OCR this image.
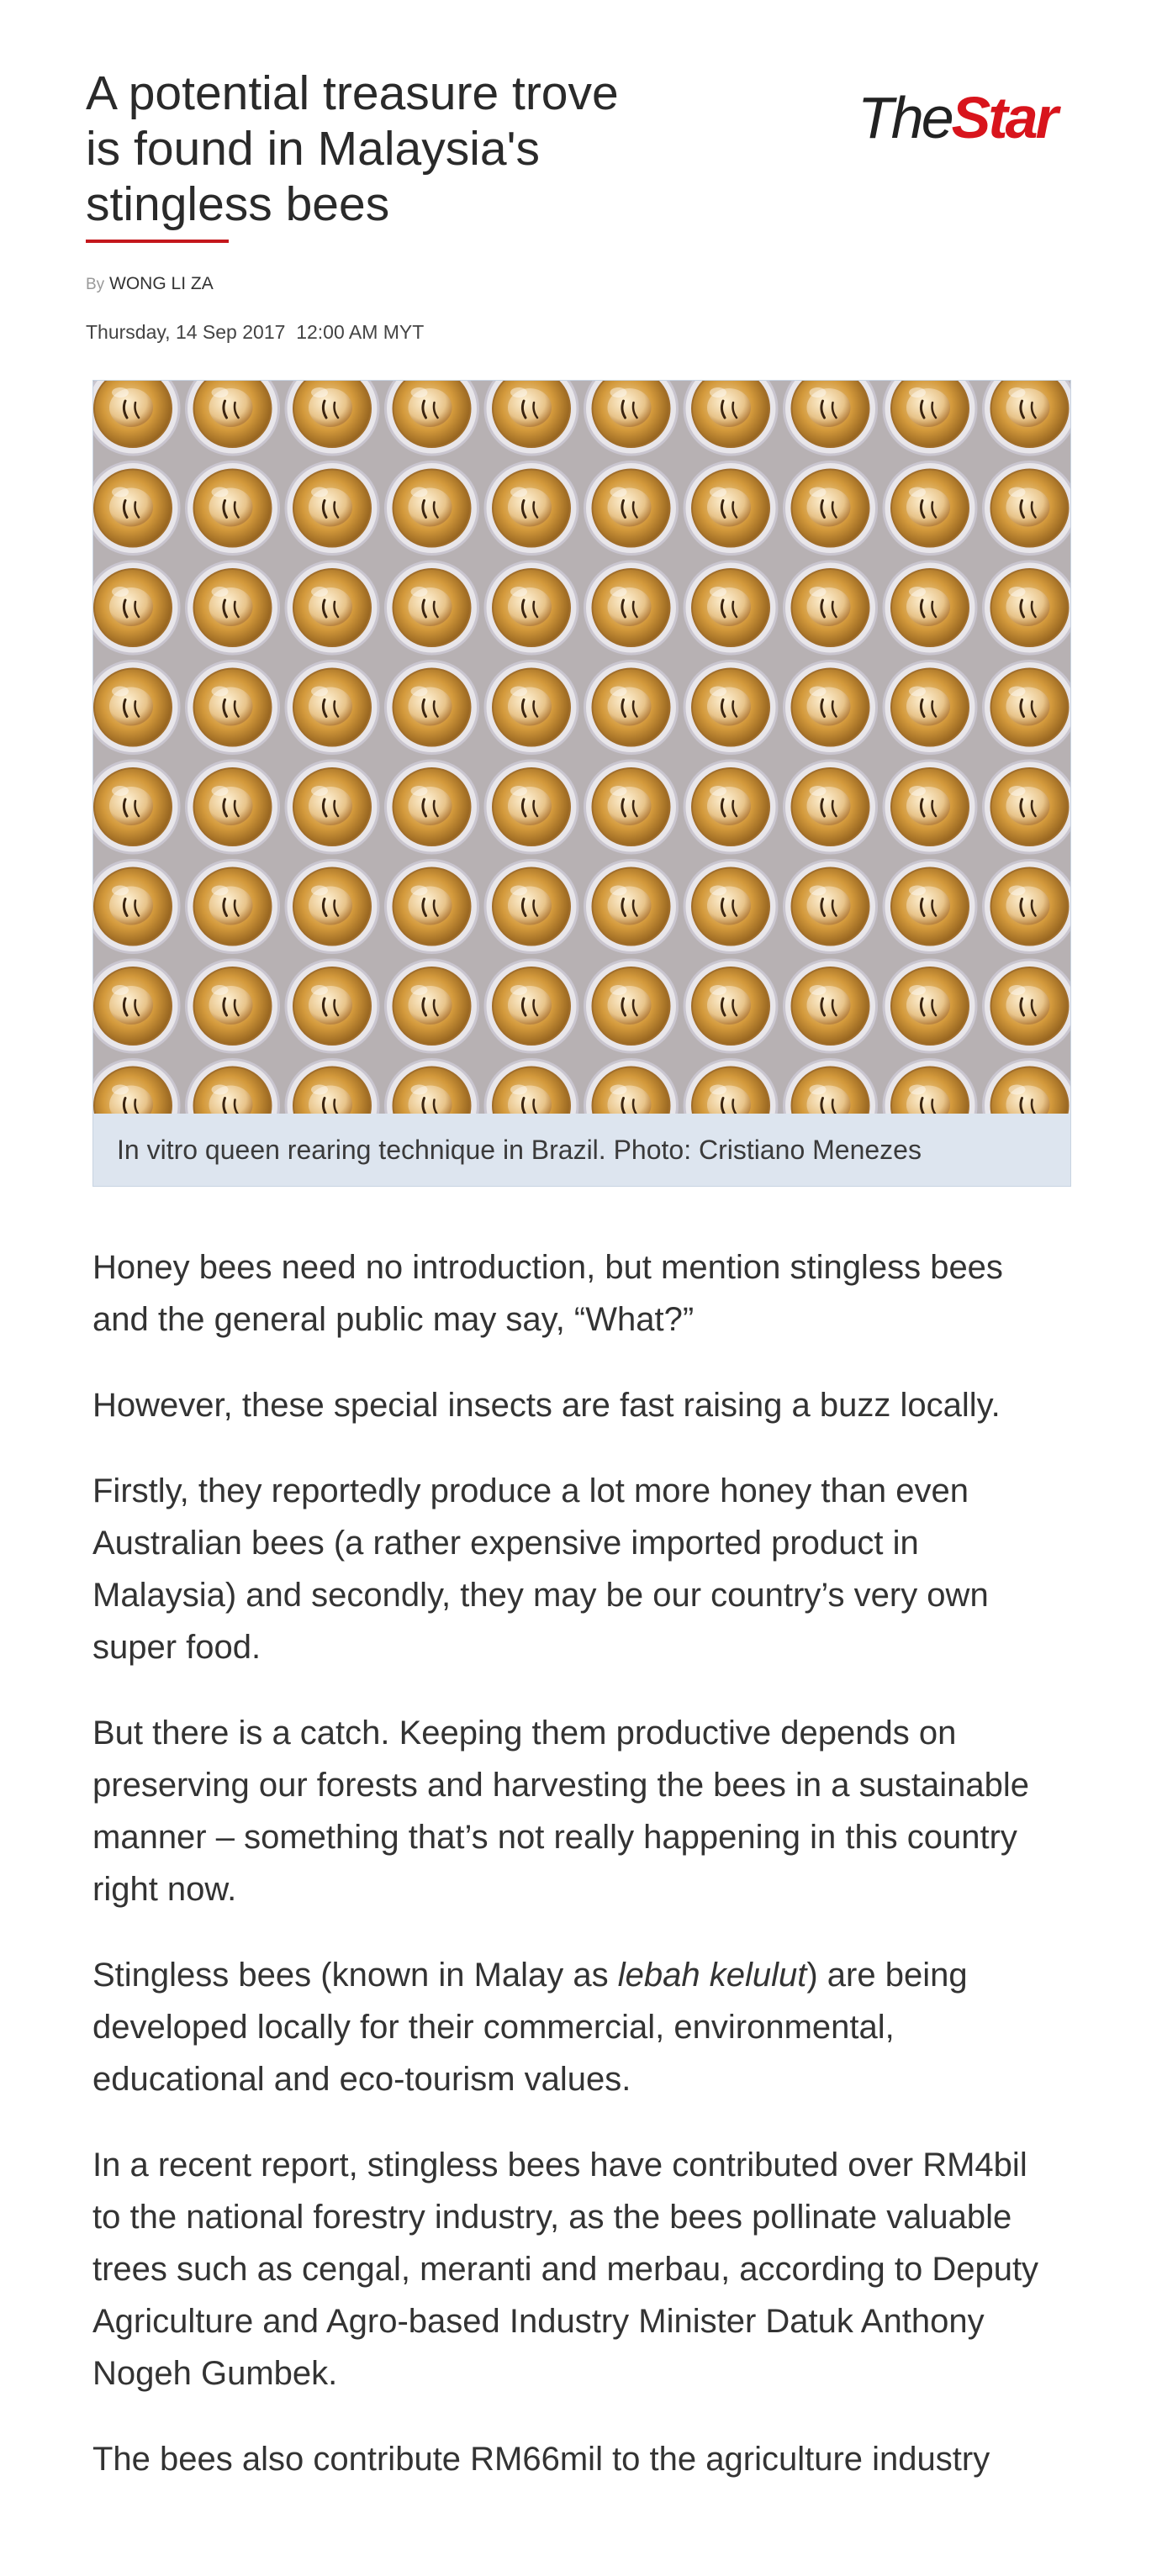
A potential treasure trove
is found in Malaysia's
stingless bees
TheStar
By WONG LI ZA
Thursday, 14 Sep 2017 12:00 AM MYT
In vitro queen rearing technique in Brazil. Photo: Cristiano Menezes

Honey bees need no introduction, but mention stingless bees
and the general public may say, “What?”

However, these special insects are fast raising a buzz locally.

Firstly, they reportedly produce a lot more honey than even
Australian bees (a rather expensive imported product in
Malaysia) and secondly, they may be our country’s very own
super food.

But there is a catch. Keeping them productive depends on
preserving our forests and harvesting the bees in a sustainable
manner – something that’s not really happening in this country
right now.

Stingless bees (known in Malay as lebah kelulut) are being
developed locally for their commercial, environmental,
educational and eco-tourism values.

In a recent report, stingless bees have contributed over RM4bil
to the national forestry industry, as the bees pollinate valuable
trees such as cengal, meranti and merbau, according to Deputy
Agriculture and Agro-based Industry Minister Datuk Anthony
Nogeh Gumbek.

The bees also contribute RM66mil to the agriculture industry
